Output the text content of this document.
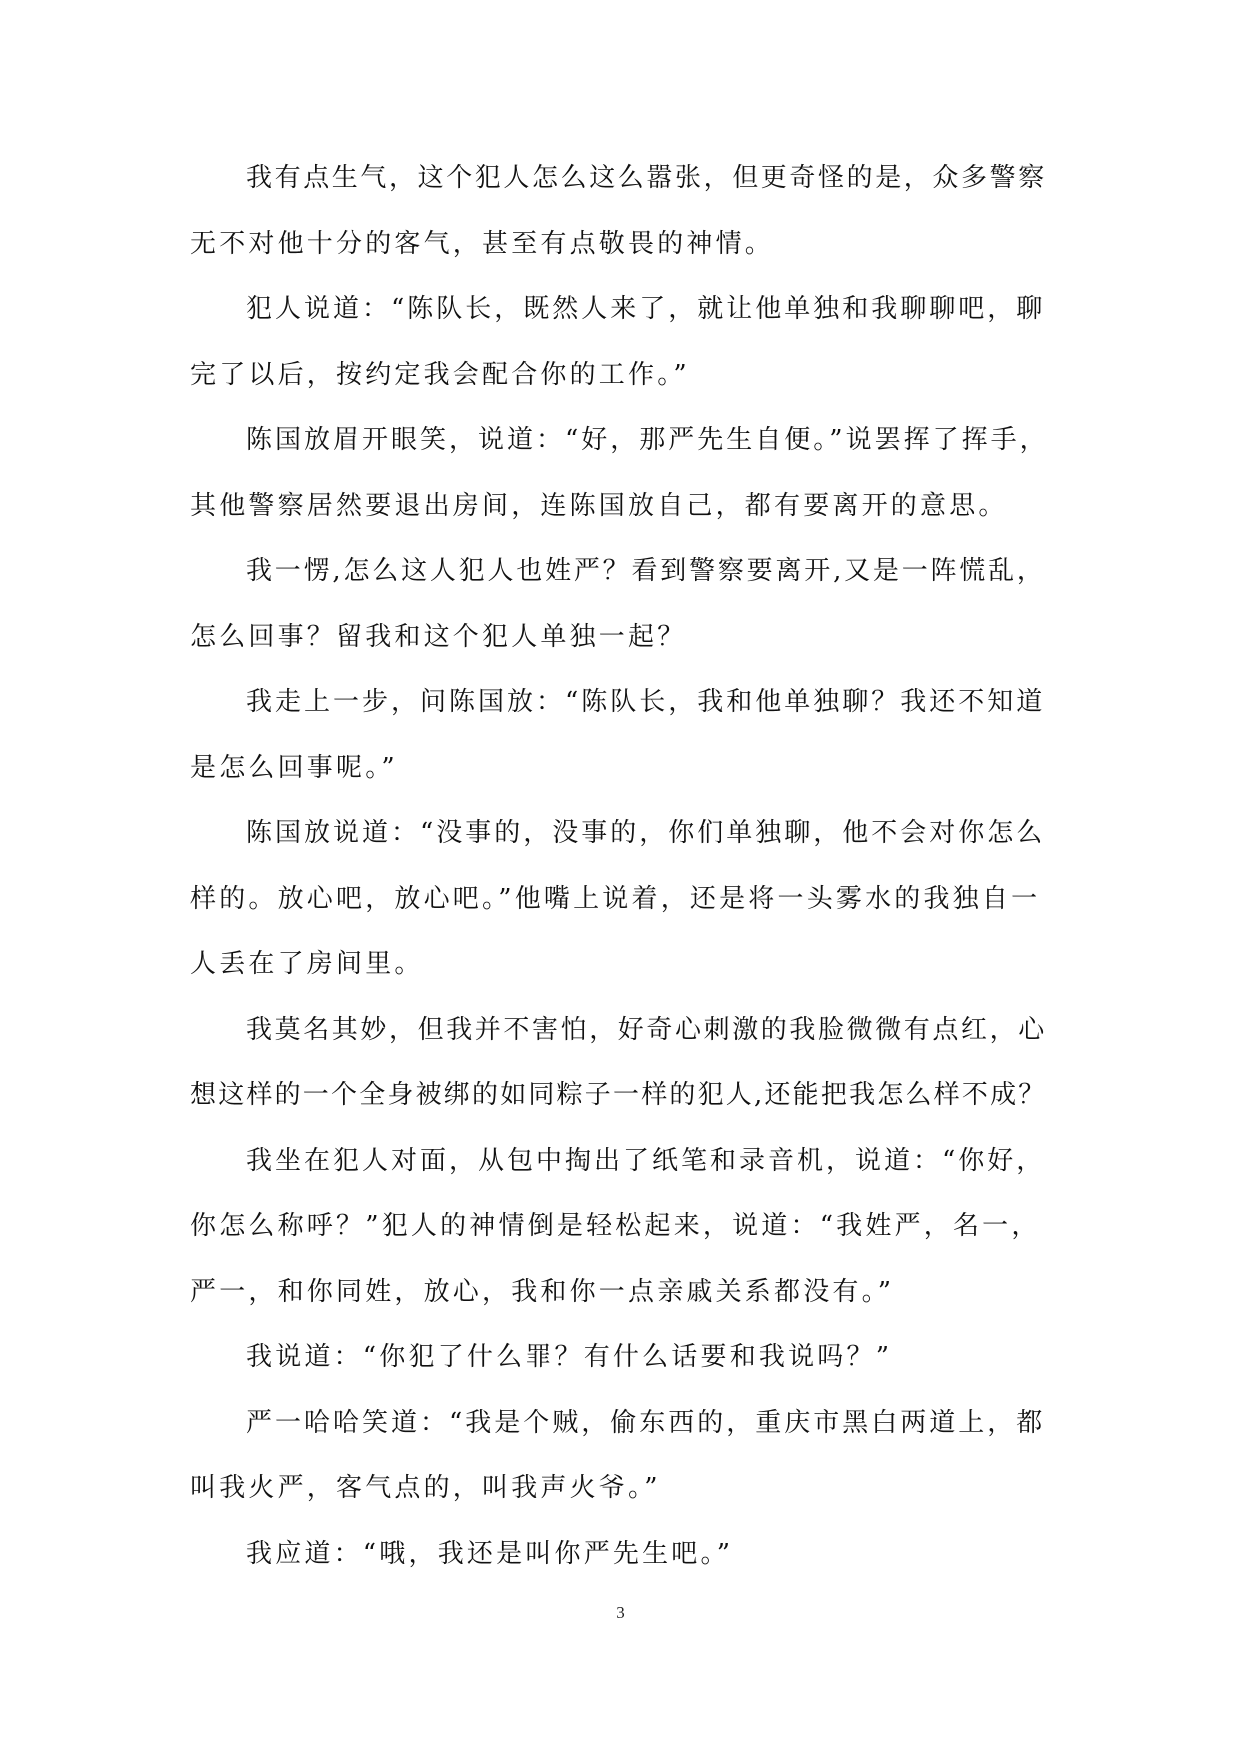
我有点生气，这个犯人怎么这么嚣张，但更奇怪的是，众多警察
无不对他十分的客气，甚至有点敬畏的神情。
犯人说道：“陈队长，既然人来了，就让他单独和我聊聊吧，聊
完了以后，按约定我会配合你的工作。”
陈国放眉开眼笑，说道：“好，那严先生自便。”说罢挥了挥手，
其他警察居然要退出房间，连陈国放自己，都有要离开的意思。
我一愣,怎么这人犯人也姓严？看到警察要离开,又是一阵慌乱，
怎么回事？留我和这个犯人单独一起？
我走上一步，问陈国放：“陈队长，我和他单独聊？我还不知道
是怎么回事呢。”
陈国放说道：“没事的，没事的，你们单独聊，他不会对你怎么
样的。放心吧，放心吧。”他嘴上说着，还是将一头雾水的我独自一
人丢在了房间里。
我莫名其妙，但我并不害怕，好奇心刺激的我脸微微有点红，心
想这样的一个全身被绑的如同粽子一样的犯人,还能把我怎么样不成？
我坐在犯人对面，从包中掏出了纸笔和录音机，说道：“你好，
你怎么称呼？”犯人的神情倒是轻松起来，说道：“我姓严，名一，
严一，和你同姓，放心，我和你一点亲戚关系都没有。”
我说道：“你犯了什么罪？有什么话要和我说吗？”
严一哈哈笑道：“我是个贼，偷东西的，重庆市黑白两道上，都
叫我火严，客气点的，叫我声火爷。”
我应道：“哦，我还是叫你严先生吧。”
3
